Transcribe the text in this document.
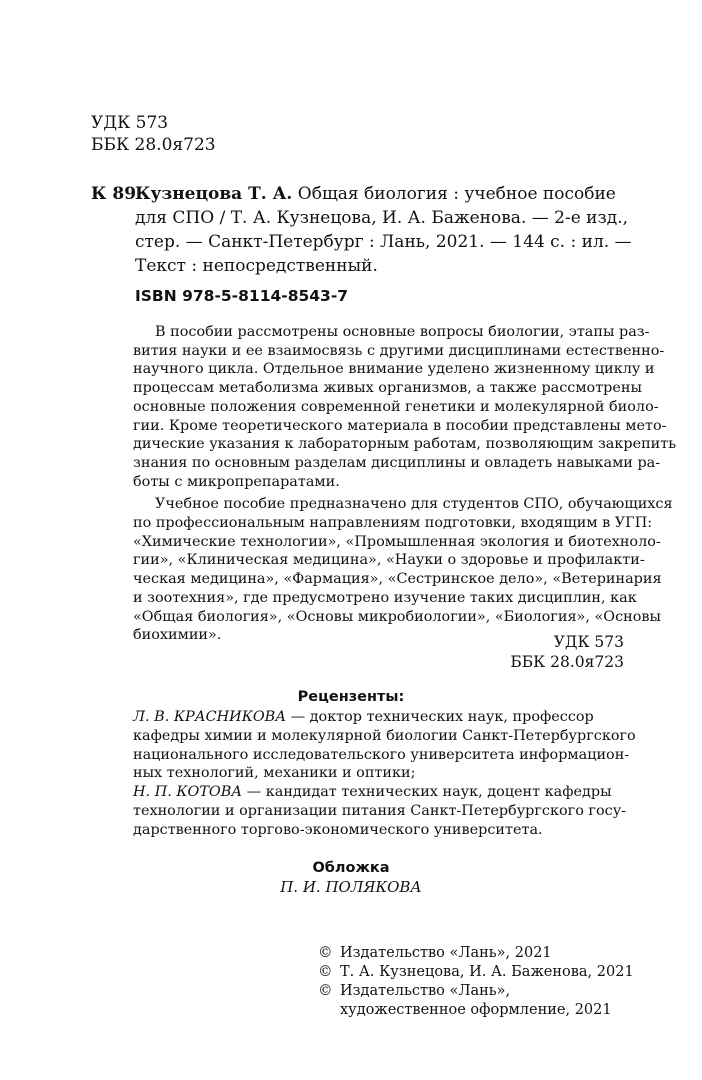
УДК 573
ББК 28.0я723
К 89
Кузнецова Т. А. Общая биология : учебное пособие
для СПО / Т. А. Кузнецова, И. А. Баженова. — 2-е изд.,
стер. — Санкт-Петербург : Лань, 2021. — 144 с. : ил. —
Текст : непосредственный.
ISBN 978-5-8114-8543-7

В пособии рассмотрены основные вопросы биологии, этапы раз-
вития науки и ее взаимосвязь с другими дисциплинами естественно-
научного цикла. Отдельное внимание уделено жизненному циклу и
процессам метаболизма живых организмов, а также рассмотрены
основные положения современной генетики и молекулярной биоло-
гии. Кроме теоретического материала в пособии представлены мето-
дические указания к лабораторным работам, позволяющим закрепить
знания по основным разделам дисциплины и овладеть навыками ра-
боты с микропрепаратами.

Учебное пособие предназначено для студентов СПО, обучающихся
по профессиональным направлениям подготовки, входящим в УГП:
«Химические технологии», «Промышленная экология и биотехноло-
гии», «Клиническая медицина», «Науки о здоровье и профилакти-
ческая медицина», «Фармация», «Сестринское дело», «Ветеринария
и зоотехния», где предусмотрено изучение таких дисциплин, как
«Общая биология», «Основы микробиологии», «Биология», «Основы
биохимии».	УДК 573
ББК 28.0я723
Рецензенты:
Л. В. КРАСНИКОВА — доктор технических наук, профессор
кафедры химии и молекулярной биологии Санкт-Петербургского
национального исследовательского университета информацион-
ных технологий, механики и оптики;
Н. П. КОТОВА — кандидат технических наук, доцент кафедры
технологии и организации питания Санкт-Петербургского госу-
дарственного торгово-экономического университета.
Обложка
П. И. ПОЛЯКОВА
© Издательство «Лань», 2021
© Т. А. Кузнецова, И. А. Баженова, 2021
© Издательство «Лань»,
художественное оформление, 2021
